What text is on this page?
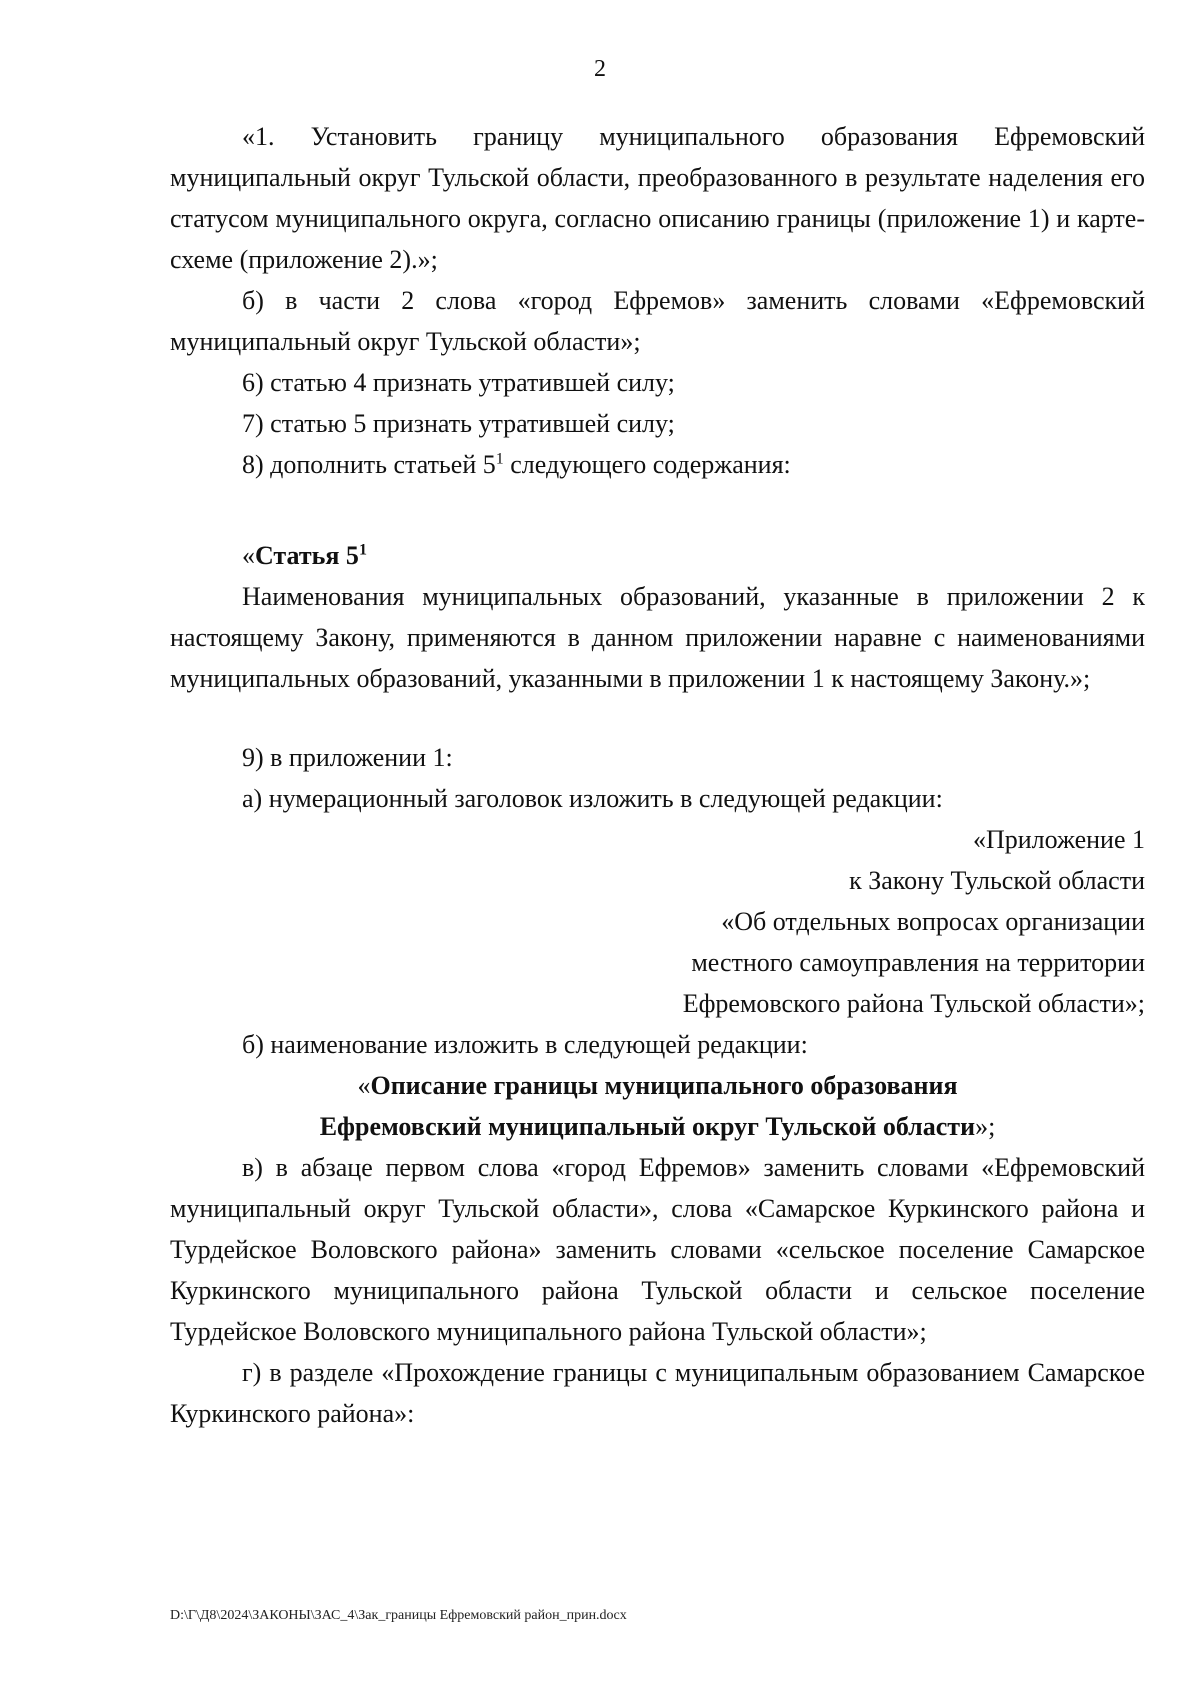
2

«1. Установить границу муниципального образования Ефремовский муниципальный округ Тульской области, преобразованного в результате наделения его статусом муниципального округа, согласно описанию границы (приложение 1) и карте-схеме (приложение 2).»;

б) в части 2 слова «город Ефремов» заменить словами «Ефремовский муниципальный округ Тульской области»;

6) статью 4 признать утратившей силу;

7) статью 5 признать утратившей силу;

8) дополнить статьей $5^1$ следующего содержания:

«Статья $5^1$

Наименования муниципальных образований, указанные в приложении 2 к настоящему Закону, применяются в данном приложении наравне с наименованиями муниципальных образований, указанными в приложении 1 к настоящему Закону.»;

9) в приложении 1:

а) нумерационный заголовок изложить в следующей редакции:

«Приложение 1

к Закону Тульской области

«Об отдельных вопросах организации

местного самоуправления на территории

Ефремовского района Тульской области»;

б) наименование изложить в следующей редакции:

«Описание границы муниципального образования

Ефремовский муниципальный округ Тульской области»;

в) в абзаце первом слова «город Ефремов» заменить словами «Ефремовский муниципальный округ Тульской области», слова «Самарское Куркинского района и Турдейское Воловского района» заменить словами «сельское поселение Самарское Куркинского муниципального района Тульской области и сельское поселение Турдейское Воловского муниципального района Тульской области»;

г) в разделе «Прохождение границы с муниципальным образованием Самарское Куркинского района»:

D:\Г\Д8\2024\ЗАКОНЫ\ЗАС_4\Зак_границы Ефремовский район_прин.docx
